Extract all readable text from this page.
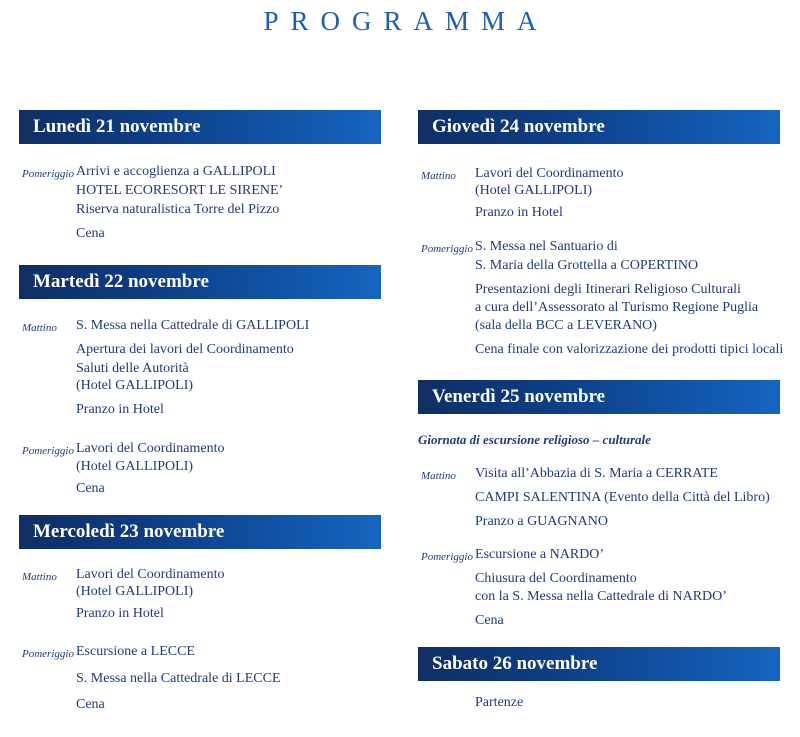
PROGRAMMA
Lunedì 21 novembre
Pomeriggio Arrivi e accoglienza a GALLIPOLI
HOTEL ECORESORT LE SIRENE’
Riserva naturalistica Torre del Pizzo
Cena
Martedì 22 novembre
Mattino S. Messa nella Cattedrale di GALLIPOLI
Apertura dei lavori del Coordinamento
Saluti delle Autorità
(Hotel GALLIPOLI)
Pranzo in Hotel
Pomeriggio Lavori del Coordinamento
(Hotel GALLIPOLI)
Cena
Mercoledì 23 novembre
Mattino Lavori del Coordinamento
(Hotel GALLIPOLI)
Pranzo in Hotel
Pomeriggio Escursione a LECCE
S. Messa nella Cattedrale di LECCE
Cena
Giovedì 24 novembre
Mattino Lavori del Coordinamento
(Hotel GALLIPOLI)
Pranzo in Hotel
Pomeriggio S. Messa nel Santuario di
S. Maria della Grottella a COPERTINO
Presentazioni degli Itinerari Religioso Culturali
a cura dell’Assessorato al Turismo Regione Puglia
(sala della BCC a LEVERANO)
Cena finale con valorizzazione dei prodotti tipici locali
Venerdì 25 novembre
Giornata di escursione religioso – culturale
Mattino Visita all’Abbazia di S. Maria a CERRATE
CAMPI SALENTINA (Evento della Città del Libro)
Pranzo a GUAGNANO
Pomeriggio Escursione a NARDO’
Chiusura del Coordinamento
con la S. Messa nella Cattedrale di NARDO’
Cena
Sabato 26 novembre
Partenze
